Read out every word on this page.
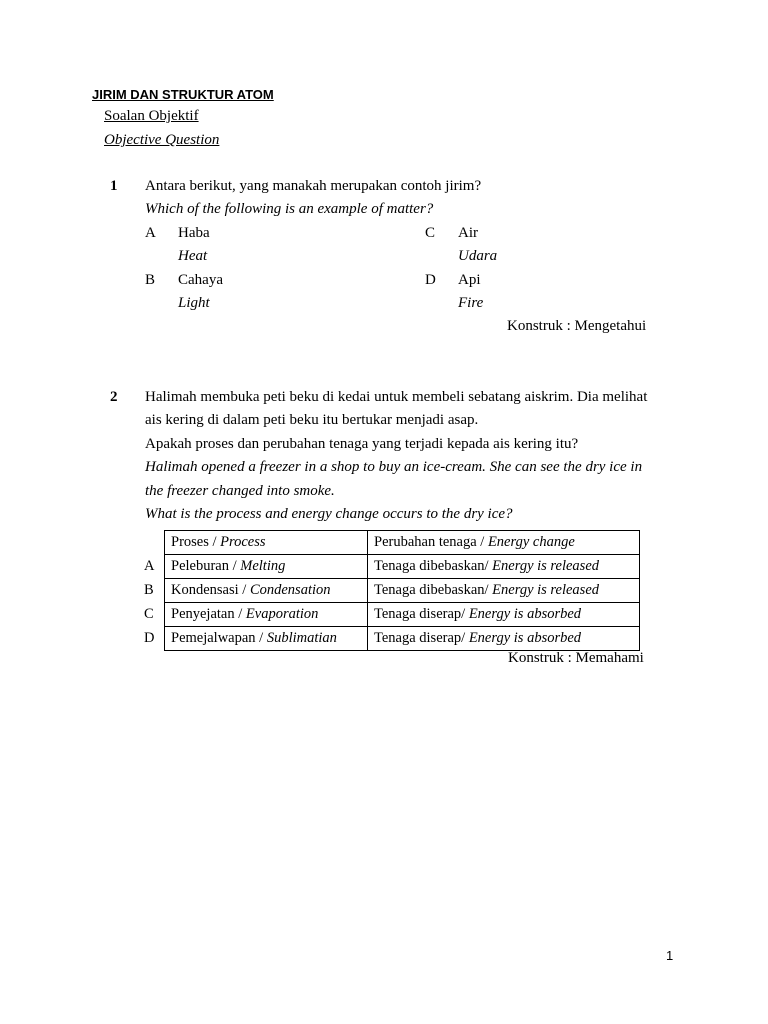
JIRIM DAN STRUKTUR ATOM
Soalan Objektif
Objective Question
1 Antara berikut, yang manakah merupakan contoh jirim?
Which of the following is an example of matter?
A Haba
Heat
B Cahaya
Light
C Air
Udara
D Api
Fire
Konstruk : Mengetahui
2 Halimah membuka peti beku di kedai untuk membeli sebatang aiskrim. Dia melihat
ais kering di dalam peti beku itu bertukar menjadi asap.
Apakah proses dan perubahan tenaga yang terjadi kepada ais kering itu?
Halimah opened a freezer in a shop to buy an ice-cream. She can see the dry ice in
the freezer changed into smoke.
What is the process and energy change occurs to the dry ice?
	Proses / Process	Perubahan tenaga / Energy change
A	Peleburan / Melting	Tenaga dibebaskan/ Energy is released
B	Kondensasi / Condensation	Tenaga dibebaskan/ Energy is released
C	Penyejatan / Evaporation	Tenaga diserap/ Energy is absorbed
D	Pemejalwapan / Sublimatian	Tenaga diserap/ Energy is absorbed
Konstruk : Memahami
1
